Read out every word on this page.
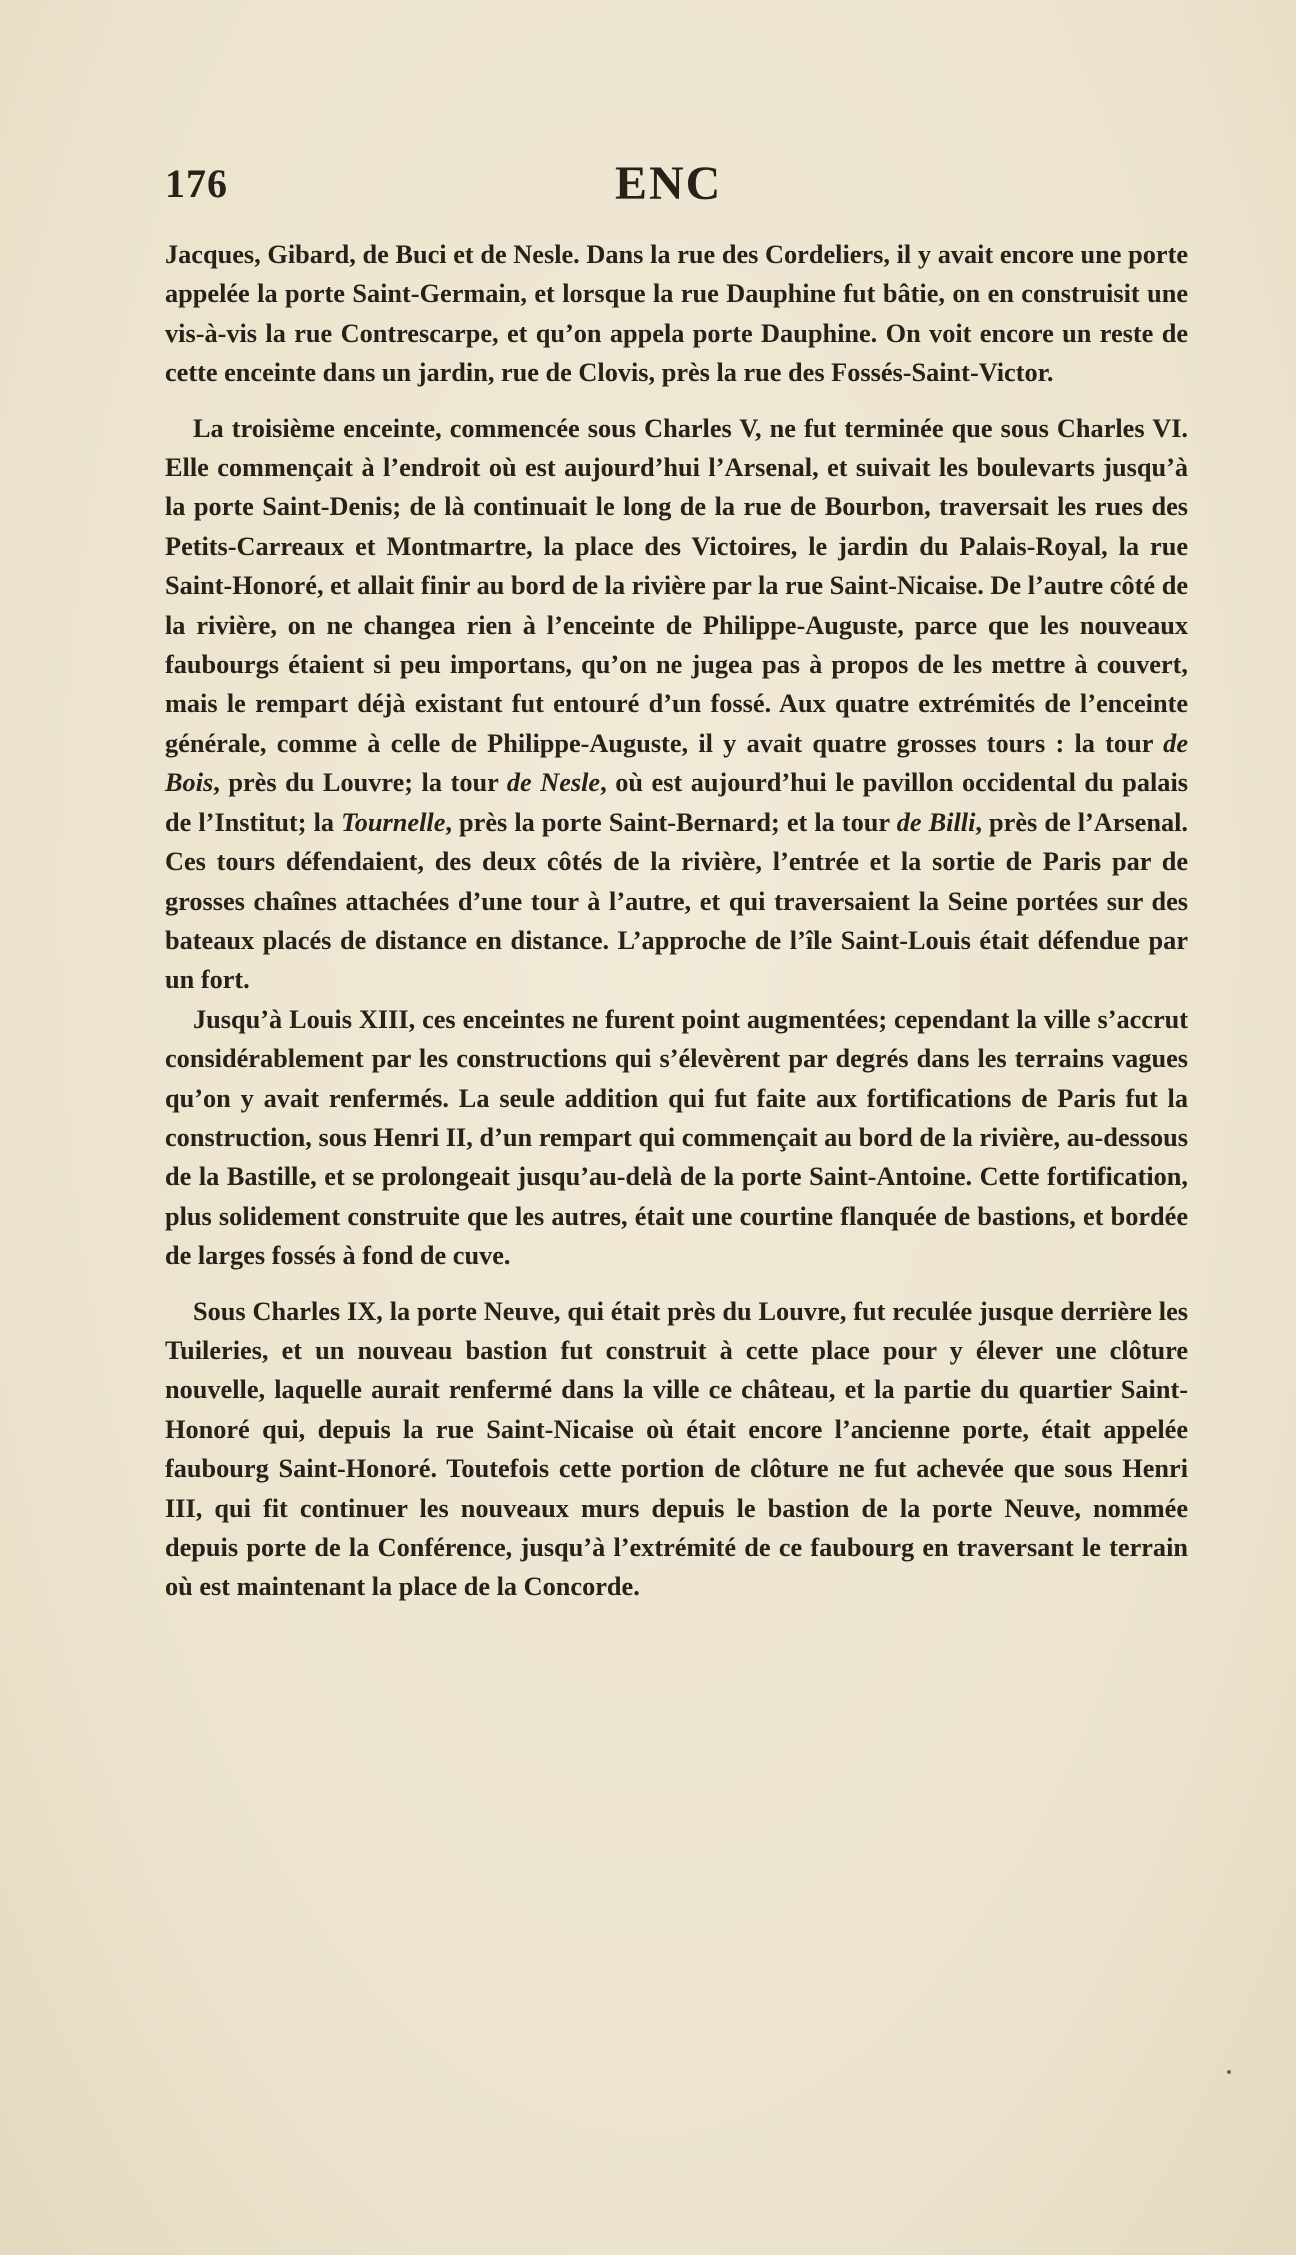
176	ENC

Jacques, Gibard, de Buci et de Nesle. Dans la rue des Cordeliers, il y avait encore une porte appelée la porte Saint-Germain, et lorsque la rue Dauphine fut bâtie, on en construisit une vis-à-vis la rue Contrescarpe, et qu’on appela porte Dauphine. On voit encore un reste de cette enceinte dans un jardin, rue de Clovis, près la rue des Fossés-Saint-Victor.

La troisième enceinte, commencée sous Charles V, ne fut terminée que sous Charles VI. Elle commençait à l’endroit où est aujourd’hui l’Arsenal, et suivait les boulevarts jusqu’à la porte Saint-Denis; de là continuait le long de la rue de Bourbon, traversait les rues des Petits-Carreaux et Montmartre, la place des Victoires, le jardin du Palais-Royal, la rue Saint-Honoré, et allait finir au bord de la rivière par la rue Saint-Nicaise. De l’autre côté de la rivière, on ne changea rien à l’enceinte de Philippe-Auguste, parce que les nouveaux faubourgs étaient si peu importans, qu’on ne jugea pas à propos de les mettre à couvert, mais le rempart déjà existant fut entouré d’un fossé. Aux quatre extrémités de l’enceinte générale, comme à celle de Philippe-Auguste, il y avait quatre grosses tours : la tour de Bois, près du Louvre; la tour de Nesle, où est aujourd’hui le pavillon occidental du palais de l’Institut; la Tournelle, près la porte Saint-Bernard; et la tour de Billi, près de l’Arsenal. Ces tours défendaient, des deux côtés de la rivière, l’entrée et la sortie de Paris par de grosses chaînes attachées d’une tour à l’autre, et qui traversaient la Seine portées sur des bateaux placés de distance en distance. L’approche de l’île Saint-Louis était défendue par un fort.

Jusqu’à Louis XIII, ces enceintes ne furent point augmentées; cependant la ville s’accrut considérablement par les constructions qui s’élevèrent par degrés dans les terrains vagues qu’on y avait renfermés. La seule addition qui fut faite aux fortifications de Paris fut la construction, sous Henri II, d’un rempart qui commençait au bord de la rivière, au-dessous de la Bastille, et se prolongeait jusqu’au-delà de la porte Saint-Antoine. Cette fortification, plus solidement construite que les autres, était une courtine flanquée de bastions, et bordée de larges fossés à fond de cuve.

Sous Charles IX, la porte Neuve, qui était près du Louvre, fut reculée jusque derrière les Tuileries, et un nouveau bastion fut construit à cette place pour y élever une clôture nouvelle, laquelle aurait renfermé dans la ville ce château, et la partie du quartier Saint-Honoré qui, depuis la rue Saint-Nicaise où était encore l’ancienne porte, était appelée faubourg Saint-Honoré. Toutefois cette portion de clôture ne fut achevée que sous Henri III, qui fit continuer les nouveaux murs depuis le bastion de la porte Neuve, nommée depuis porte de la Conférence, jusqu’à l’extrémité de ce faubourg en traversant le terrain où est maintenant la place de la Concorde.
